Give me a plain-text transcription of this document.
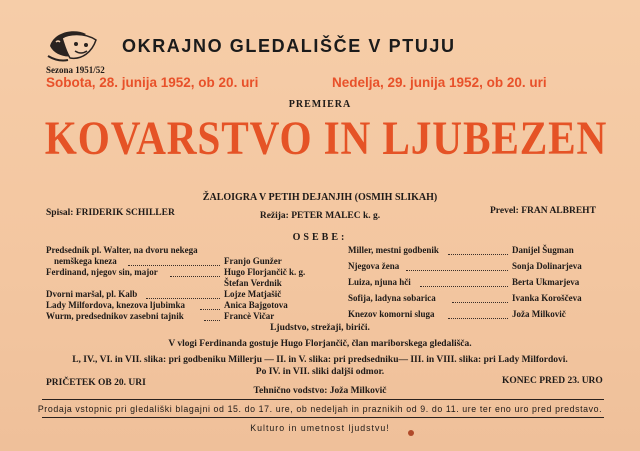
OKRAJNO GLEDALIŠČE V PTUJU
Sezona 1951/52
Sobota, 28. junija 1952, ob 20. uri	Nedelja, 29. junija 1952, ob 20. uri
PREMIERA
KOVARSTVO IN LJUBEZEN
ŽALOIGRA V PETIH DEJANJIH (OSMIH SLIKAH)
Spisal: FRIDERIK SCHILLER	Prevel: FRAN ALBREHT
Režija: PETER MALEC k. g.
OSEBE:
Predsednik pl. Walter, na dvoru nekega
nemškega kneza	Franjo Gunžer
Ferdinand, njegov sin, major	Hugo Florjančič k. g.
Štefan Verdnik
Dvorni maršal, pl. Kalb	Lojze Matjašič
Lady Milfordova, knezova ljubimka	Anica Bajgotova
Wurm, predsednikov zasebni tajnik	Francè Vičar
Miller, mestni godbenik	Danijel Šugman
Njegova žena	Sonja Dolinarjeva
Luiza, njuna hči	Berta Ukmarjeva
Sofija, ladyna sobarica	Ivanka Koroščeva
Knezov komorni sluga	Joža Milkovič
Ljudstvo, strežaji, biriči.
V vlogi Ferdinanda gostuje Hugo Florjančič, član mariborskega gledališča.
L, IV., VI. in VII. slika: pri godbeniku Millerju — II. in V. slika: pri predsedniku— III. in VIII. slika: pri Lady Milfordovi.
Po IV. in VII. sliki daljši odmor.
PRIČETEK OB 20. URI	KONEC PRED 23. URO
Tehnično vodstvo: Joža Milkovič
Prodaja vstopnic pri gledališki blagajni od 15. do 17. ure, ob nedeljah in praznikih od 9. do 11. ure ter eno uro pred predstavo.
Kulturo in umetnost ljudstvu!
